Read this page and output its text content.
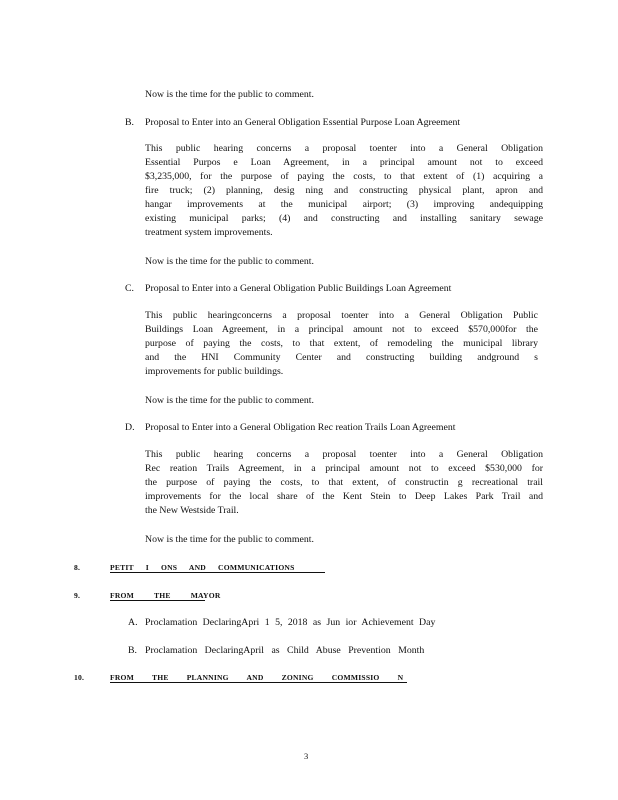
Now is the time for the public to comment.
B. Proposal to Enter into an General Obligation Essential Purpose Loan Agreement
This public hearing concerns a proposal toenter into a General Obligation
Essential Purpos e Loan Agreement, in a principal amount not to exceed
$3,235,000, for the purpose of paying the costs, to that extent of (1) acquiring a
fire truck; (2) planning, desig ning and constructing physical plant, apron and
hangar improvements at the municipal airport; (3) improving andequipping
existing municipal parks; (4) and constructing and installing sanitary sewage
treatment system improvements.
Now is the time for the public to comment.
C. Proposal to Enter into a General Obligation Public Buildings Loan Agreement
This public hearingconcerns a proposal toenter into a General Obligation Public
Buildings Loan Agreement, in a principal amount not to exceed $570,000for the
purpose of paying the costs, to that extent, of remodeling the municipal library
and the HNI Community Center and constructing building andground s
improvements for public buildings.
Now is the time for the public to comment.
D. Proposal to Enter into a General Obligation Rec reation Trails Loan Agreement
This public hearing concerns a proposal toenter into a General Obligation
Rec reation Trails Agreement, in a principal amount not to exceed $530,000 for
the purpose of paying the costs, to that extent, of constructin g recreational trail
improvements for the local share of the Kent Stein to Deep Lakes Park Trail and
the New Westside Trail.
Now is the time for the public to comment.
8.	PETIT I ONS AND COMMUNICATIONS
9.	FROM THE MAYOR
A. Proclamation DeclaringApri 1 5, 2018 as Jun ior Achievement Day
B. Proclamation DeclaringApril as Child Abuse Prevention Month
10.	FROM THE PLANNING AND ZONING COMMISSIO N
3
